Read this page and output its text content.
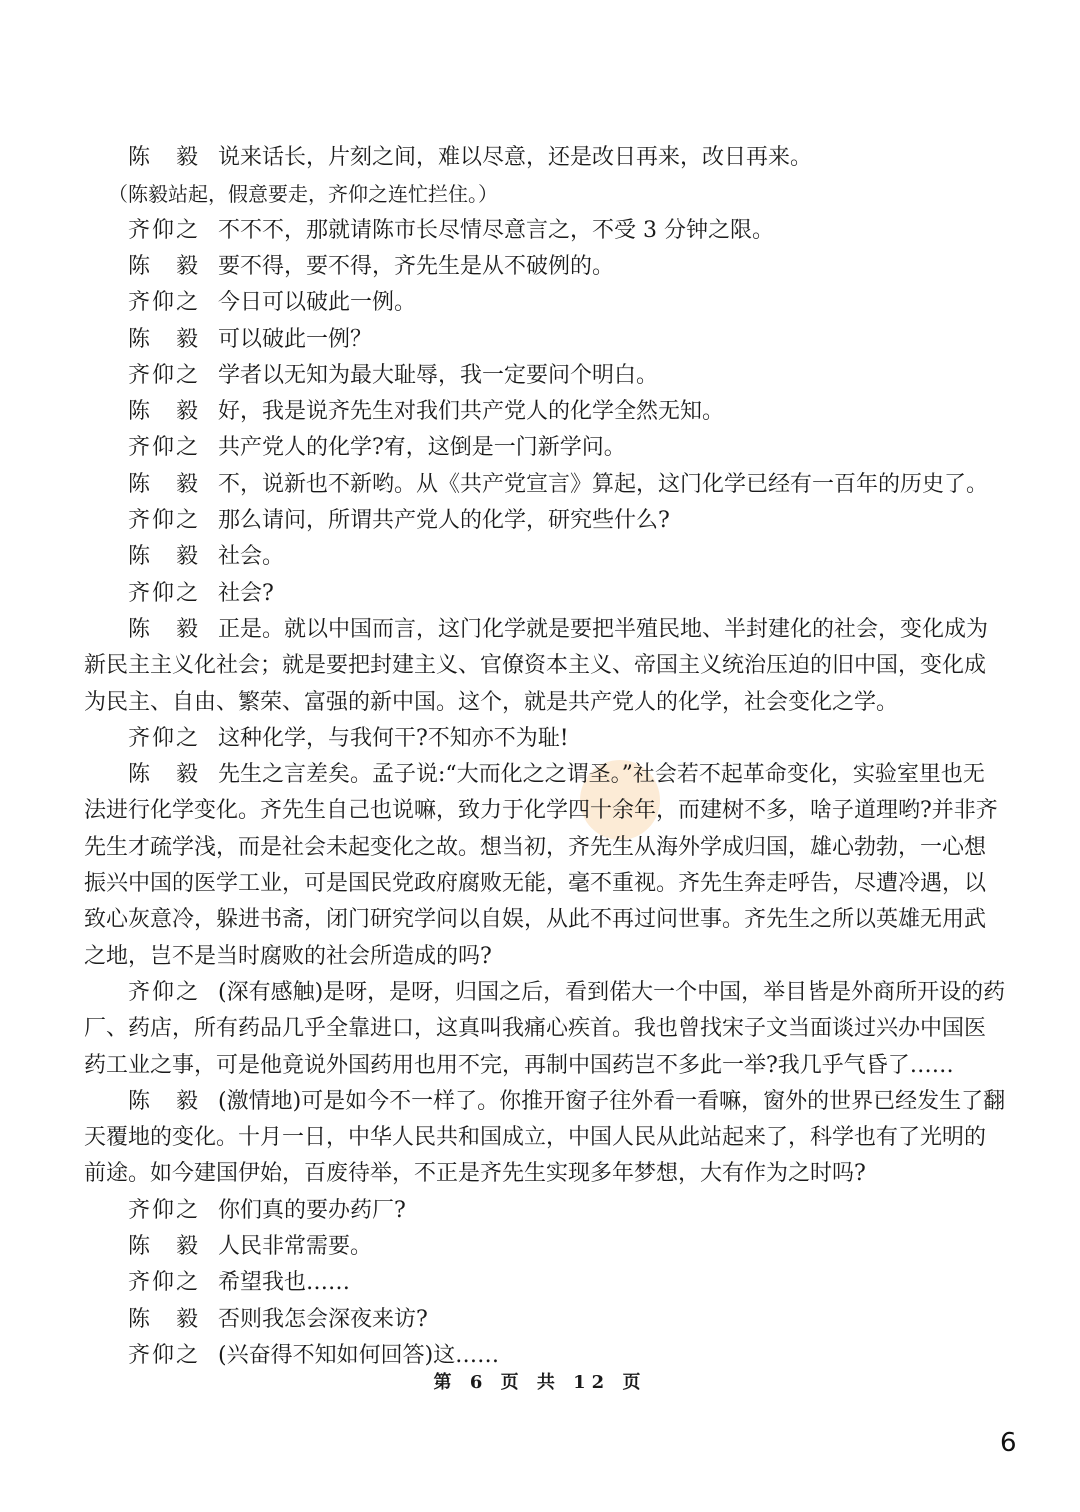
陈　毅 说来话长，片刻之间，难以尽意，还是改日再来，改日再来。
（陈毅站起，假意要走，齐仰之连忙拦住。）
齐仰之 不不不，那就请陈市长尽情尽意言之，不受 3 分钟之限。
陈　毅 要不得，要不得，齐先生是从不破例的。
齐仰之 今日可以破此一例。
陈　毅 可以破此一例？
齐仰之 学者以无知为最大耻辱，我一定要问个明白。
陈　毅 好，我是说齐先生对我们共产党人的化学全然无知。
齐仰之 共产党人的化学?宥，这倒是一门新学问。
陈　毅 不，说新也不新哟。从《共产党宣言》算起，这门化学已经有一百年的历史了。
齐仰之 那么请问，所谓共产党人的化学，研究些什么?
陈　毅 社会。
齐仰之 社会?
陈　毅 正是。就以中国而言，这门化学就是要把半殖民地、半封建化的社会，变化成为
新民主主义化社会；就是要把封建主义、官僚资本主义、帝国主义统治压迫的旧中国，变化成
为民主、自由、繁荣、富强的新中国。这个，就是共产党人的化学，社会变化之学。
齐仰之 这种化学，与我何干?不知亦不为耻!
陈　毅 先生之言差矣。孟子说:“大而化之之谓圣。”社会若不起革命变化，实验室里也无
法进行化学变化。齐先生自己也说嘛，致力于化学四十余年，而建树不多，啥子道理哟?并非齐
先生才疏学浅，而是社会未起变化之故。想当初，齐先生从海外学成归国，雄心勃勃，一心想
振兴中国的医学工业，可是国民党政府腐败无能，毫不重视。齐先生奔走呼告，尽遭冷遇，以
致心灰意冷，躲进书斋，闭门研究学问以自娱，从此不再过问世事。齐先生之所以英雄无用武
之地，岂不是当时腐败的社会所造成的吗?
齐仰之 (深有感触)是呀，是呀，归国之后，看到偌大一个中国，举目皆是外商所开设的药
厂、药店，所有药品几乎全靠进口，这真叫我痛心疾首。我也曾找宋子文当面谈过兴办中国医
药工业之事，可是他竟说外国药用也用不完，再制中国药岂不多此一举?我几乎气昏了……
陈　毅 (激情地)可是如今不一样了。你推开窗子往外看一看嘛，窗外的世界已经发生了翻
天覆地的变化。十月一日，中华人民共和国成立，中国人民从此站起来了，科学也有了光明的
前途。如今建国伊始，百废待举，不正是齐先生实现多年梦想，大有作为之时吗?
齐仰之 你们真的要办药厂?
陈　毅 人民非常需要。
齐仰之 希望我也……
陈　毅 否则我怎会深夜来访?
齐仰之 (兴奋得不知如何回答)这……
第 6 页 共 12 页
6
